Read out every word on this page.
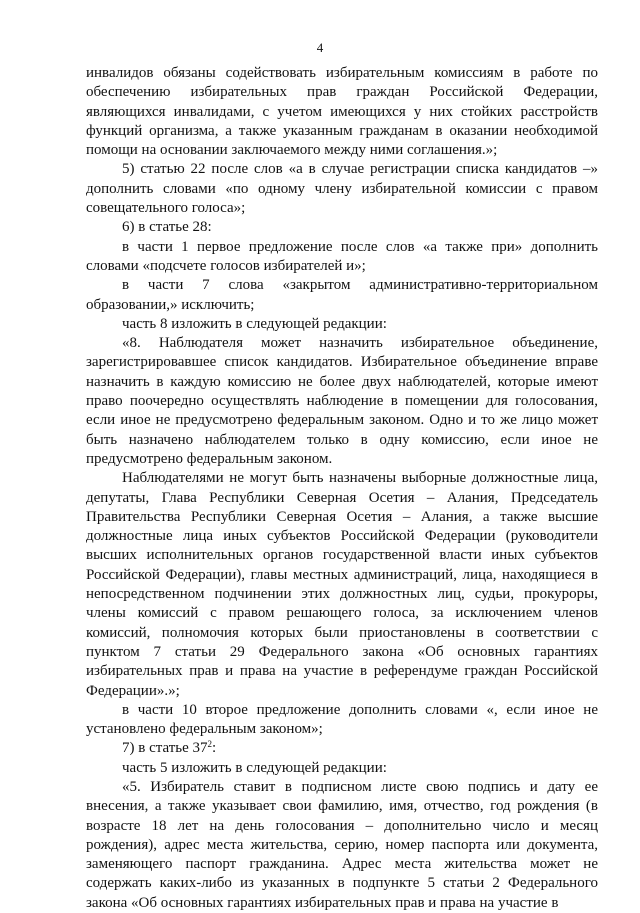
4

инвалидов обязаны содействовать избирательным комиссиям в работе по обеспечению избирательных прав граждан Российской Федерации, являющихся инвалидами, с учетом имеющихся у них стойких расстройств функций организма, а также указанным гражданам в оказании необходимой помощи на основании заключаемого между ними соглашения.»;

5) статью 22 после слов «а в случае регистрации списка кандидатов –» дополнить словами «по одному члену избирательной комиссии с правом совещательного голоса»;

6) в статье 28:

в части 1 первое предложение после слов «а также при» дополнить словами «подсчете голосов избирателей и»;

в части 7 слова «закрытом административно-территориальном образовании,» исключить;

часть 8 изложить в следующей редакции:

«8. Наблюдателя может назначить избирательное объединение, зарегистрировавшее список кандидатов. Избирательное объединение вправе назначить в каждую комиссию не более двух наблюдателей, которые имеют право поочередно осуществлять наблюдение в помещении для голосования, если иное не предусмотрено федеральным законом. Одно и то же лицо может быть назначено наблюдателем только в одну комиссию, если иное не предусмотрено федеральным законом.

Наблюдателями не могут быть назначены выборные должностные лица, депутаты, Глава Республики Северная Осетия – Алания, Председатель Правительства Республики Северная Осетия – Алания, а также высшие должностные лица иных субъектов Российской Федерации (руководители высших исполнительных органов государственной власти иных субъектов Российской Федерации), главы местных администраций, лица, находящиеся в непосредственном подчинении этих должностных лиц, судьи, прокуроры, члены комиссий с правом решающего голоса, за исключением членов комиссий, полномочия которых были приостановлены в соответствии с пунктом 7 статьи 29 Федерального закона «Об основных гарантиях избирательных прав и права на участие в референдуме граждан Российской Федерации».»;

в части 10 второе предложение дополнить словами «, если иное не установлено федеральным законом»;

7) в статье $37^2$:

часть 5 изложить в следующей редакции:

«5. Избиратель ставит в подписном листе свою подпись и дату ее внесения, а также указывает свои фамилию, имя, отчество, год рождения (в возрасте 18 лет на день голосования – дополнительно число и месяц рождения), адрес места жительства, серию, номер паспорта или документа, заменяющего паспорт гражданина. Адрес места жительства может не содержать каких-либо из указанных в подпункте 5 статьи 2 Федерального закона «Об основных гарантиях избирательных прав и права на участие в
